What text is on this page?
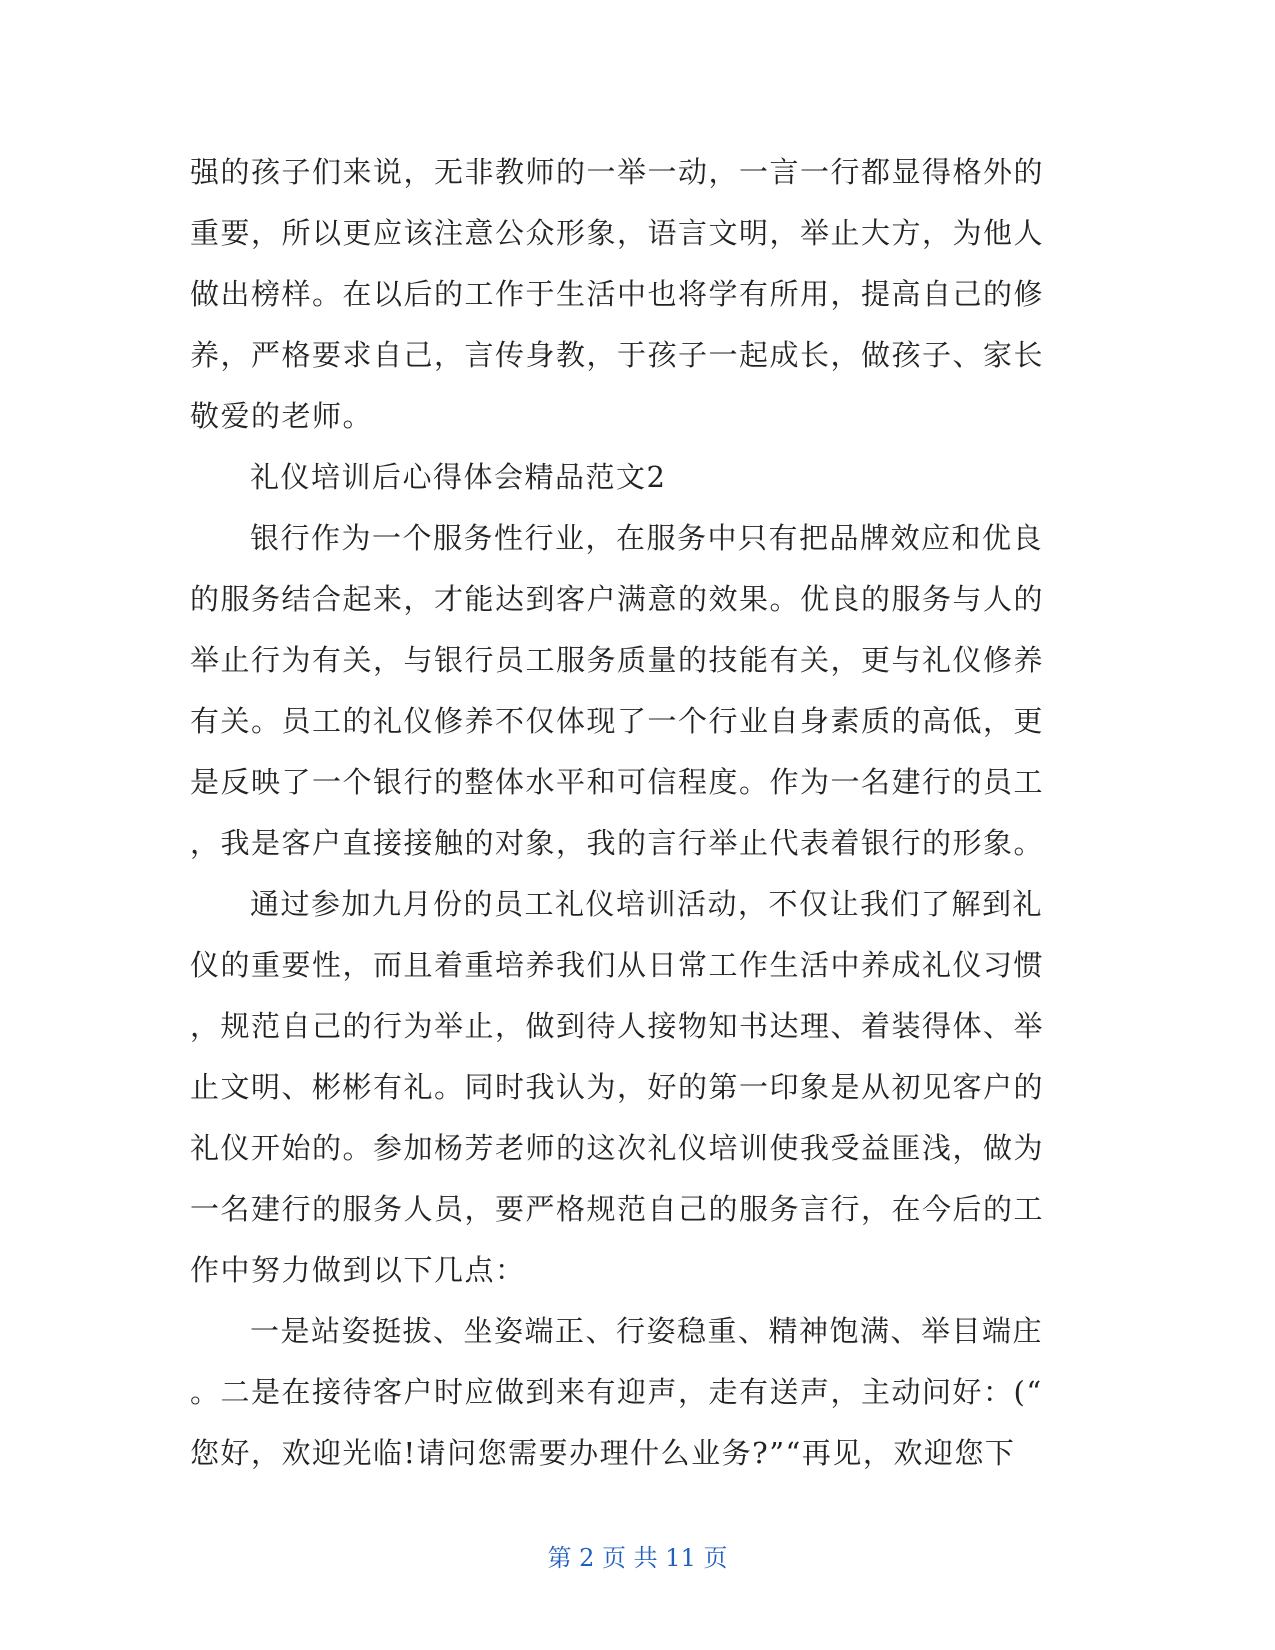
强的孩子们来说，无非教师的一举一动，一言一行都显得格外的
重要，所以更应该注意公众形象，语言文明，举止大方，为他人
做出榜样。在以后的工作于生活中也将学有所用，提高自己的修
养，严格要求自己，言传身教，于孩子一起成长，做孩子、家长
敬爱的老师。
礼仪培训后心得体会精品范文2
银行作为一个服务性行业，在服务中只有把品牌效应和优良
的服务结合起来，才能达到客户满意的效果。优良的服务与人的
举止行为有关，与银行员工服务质量的技能有关，更与礼仪修养
有关。员工的礼仪修养不仅体现了一个行业自身素质的高低，更
是反映了一个银行的整体水平和可信程度。作为一名建行的员工
，我是客户直接接触的对象，我的言行举止代表着银行的形象。
通过参加九月份的员工礼仪培训活动，不仅让我们了解到礼
仪的重要性，而且着重培养我们从日常工作生活中养成礼仪习惯
，规范自己的行为举止，做到待人接物知书达理、着装得体、举
止文明、彬彬有礼。同时我认为，好的第一印象是从初见客户的
礼仪开始的。参加杨芳老师的这次礼仪培训使我受益匪浅，做为
一名建行的服务人员，要严格规范自己的服务言行，在今后的工
作中努力做到以下几点：
一是站姿挺拔、坐姿端正、行姿稳重、精神饱满、举目端庄
。二是在接待客户时应做到来有迎声，走有送声，主动问好：(“
您好，欢迎光临!请问您需要办理什么业务?”“再见，欢迎您下
第 2 页 共 11 页
